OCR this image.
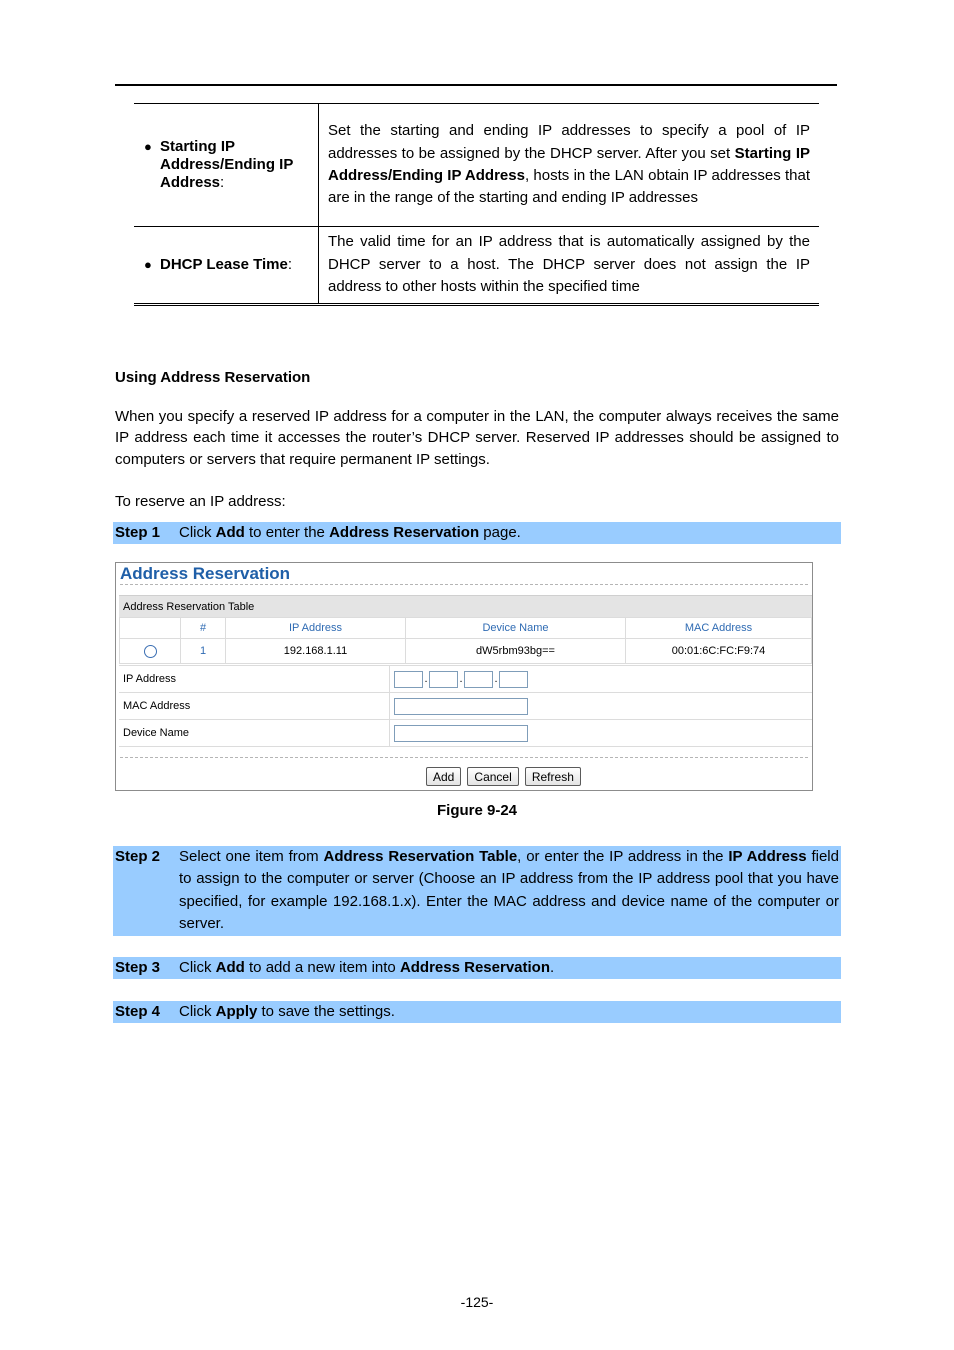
● Starting IP Address/Ending IP Address:	Set the starting and ending IP addresses to specify a pool of IP addresses to be assigned by the DHCP server. After you set Starting IP Address/Ending IP Address, hosts in the LAN obtain IP addresses that are in the range of the starting and ending IP addresses

● DHCP Lease Time:	The valid time for an IP address that is automatically assigned by the DHCP server to a host. The DHCP server does not assign the IP address to other hosts within the specified time
Using Address Reservation
When you specify a reserved IP address for a computer in the LAN, the computer always receives the same IP address each time it accesses the router’s DHCP server. Reserved IP addresses should be assigned to computers or servers that require permanent IP settings.
To reserve an IP address:
Step 1 Click Add to enter the Address Reservation page.
Address Reservation
Address Reservation Table
	#	IP Address	Device Name	MAC Address
	1	192.168.1.11	dW5rbm93bg==	00:01:6C:FC:F9:74
IP Address	. . .
MAC Address	
Device Name	
Add Cancel Refresh
Figure 9-24
Step 2 Select one item from Address Reservation Table, or enter the IP address in the IP Address field to assign to the computer or server (Choose an IP address from the IP address pool that you have specified, for example 192.168.1.x). Enter the MAC address and device name of the computer or server.
Step 3 Click Add to add a new item into Address Reservation.
Step 4 Click Apply to save the settings.
-125-
